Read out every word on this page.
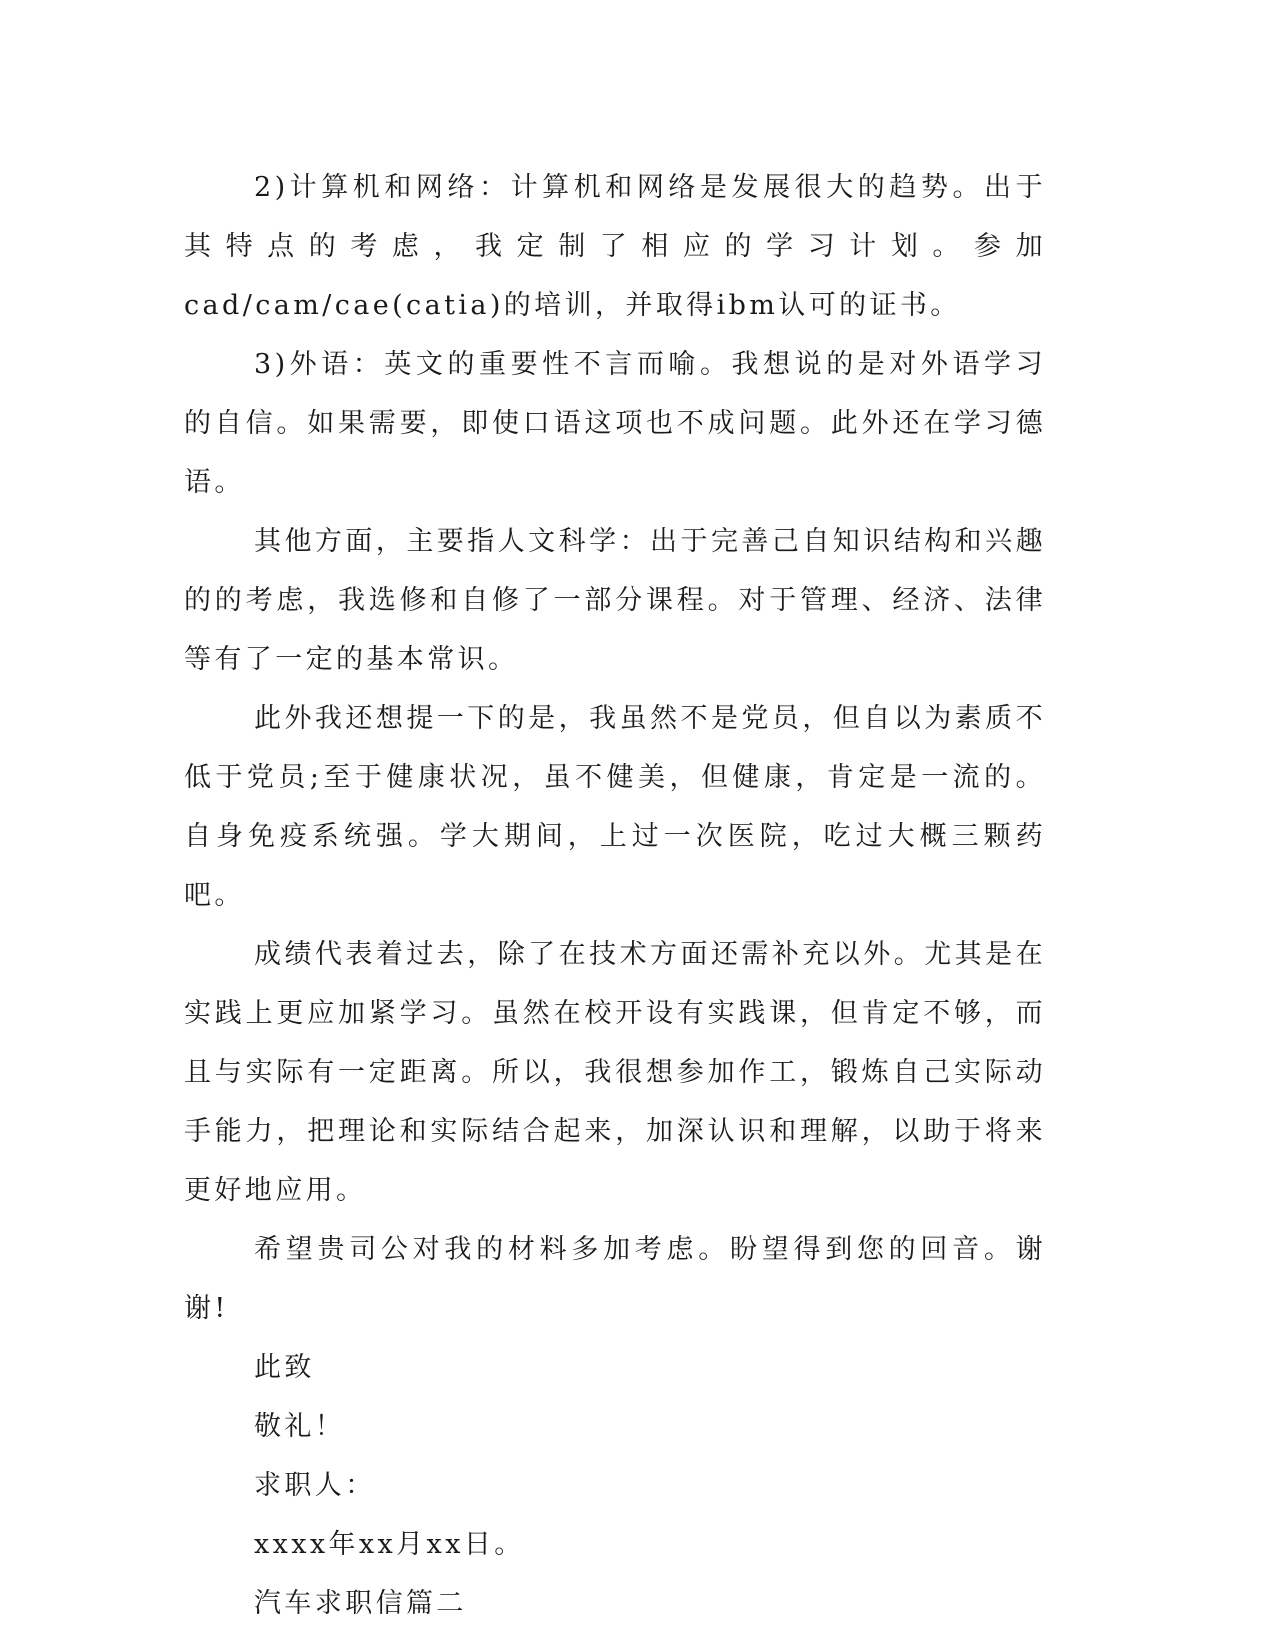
2)计算机和网络：计算机和网络是发展很大的趋势。出于其特点的考虑，我定制了相应的学习计划。参加cad/cam/cae(catia)的培训，并取得ibm认可的证书。

3)外语：英文的重要性不言而喻。我想说的是对外语学习的自信。如果需要，即使口语这项也不成问题。此外还在学习德语。

其他方面，主要指人文科学：出于完善己自知识结构和兴趣的的考虑，我选修和自修了一部分课程。对于管理、经济、法律等有了一定的基本常识。

此外我还想提一下的是，我虽然不是党员，但自以为素质不低于党员;至于健康状况，虽不健美，但健康，肯定是一流的。自身免疫系统强。学大期间，上过一次医院，吃过大概三颗药吧。

成绩代表着过去，除了在技术方面还需补充以外。尤其是在实践上更应加紧学习。虽然在校开设有实践课，但肯定不够，而且与实际有一定距离。所以，我很想参加作工，锻炼自己实际动手能力，把理论和实际结合起来，加深认识和理解，以助于将来更好地应用。

希望贵司公对我的材料多加考虑。盼望得到您的回音。谢谢!

此致

敬礼！

求职人：

xxxx年xx月xx日。

汽车求职信篇二
